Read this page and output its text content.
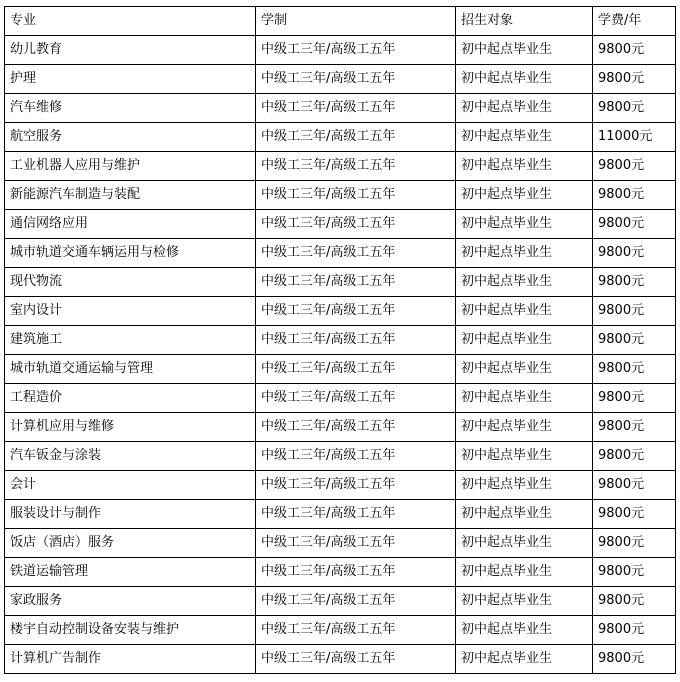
专业	学制	招生对象	学费/年
幼儿教育	中级工三年/高级工五年	初中起点毕业生	9800元
护理	中级工三年/高级工五年	初中起点毕业生	9800元
汽车维修	中级工三年/高级工五年	初中起点毕业生	9800元
航空服务	中级工三年/高级工五年	初中起点毕业生	11000元
工业机器人应用与维护	中级工三年/高级工五年	初中起点毕业生	9800元
新能源汽车制造与装配	中级工三年/高级工五年	初中起点毕业生	9800元
通信网络应用	中级工三年/高级工五年	初中起点毕业生	9800元
城市轨道交通车辆运用与检修	中级工三年/高级工五年	初中起点毕业生	9800元
现代物流	中级工三年/高级工五年	初中起点毕业生	9800元
室内设计	中级工三年/高级工五年	初中起点毕业生	9800元
建筑施工	中级工三年/高级工五年	初中起点毕业生	9800元
城市轨道交通运输与管理	中级工三年/高级工五年	初中起点毕业生	9800元
工程造价	中级工三年/高级工五年	初中起点毕业生	9800元
计算机应用与维修	中级工三年/高级工五年	初中起点毕业生	9800元
汽车钣金与涂装	中级工三年/高级工五年	初中起点毕业生	9800元
会计	中级工三年/高级工五年	初中起点毕业生	9800元
服装设计与制作	中级工三年/高级工五年	初中起点毕业生	9800元
饭店（酒店）服务	中级工三年/高级工五年	初中起点毕业生	9800元
铁道运输管理	中级工三年/高级工五年	初中起点毕业生	9800元
家政服务	中级工三年/高级工五年	初中起点毕业生	9800元
楼宇自动控制设备安装与维护	中级工三年/高级工五年	初中起点毕业生	9800元
计算机广告制作	中级工三年/高级工五年	初中起点毕业生	9800元
